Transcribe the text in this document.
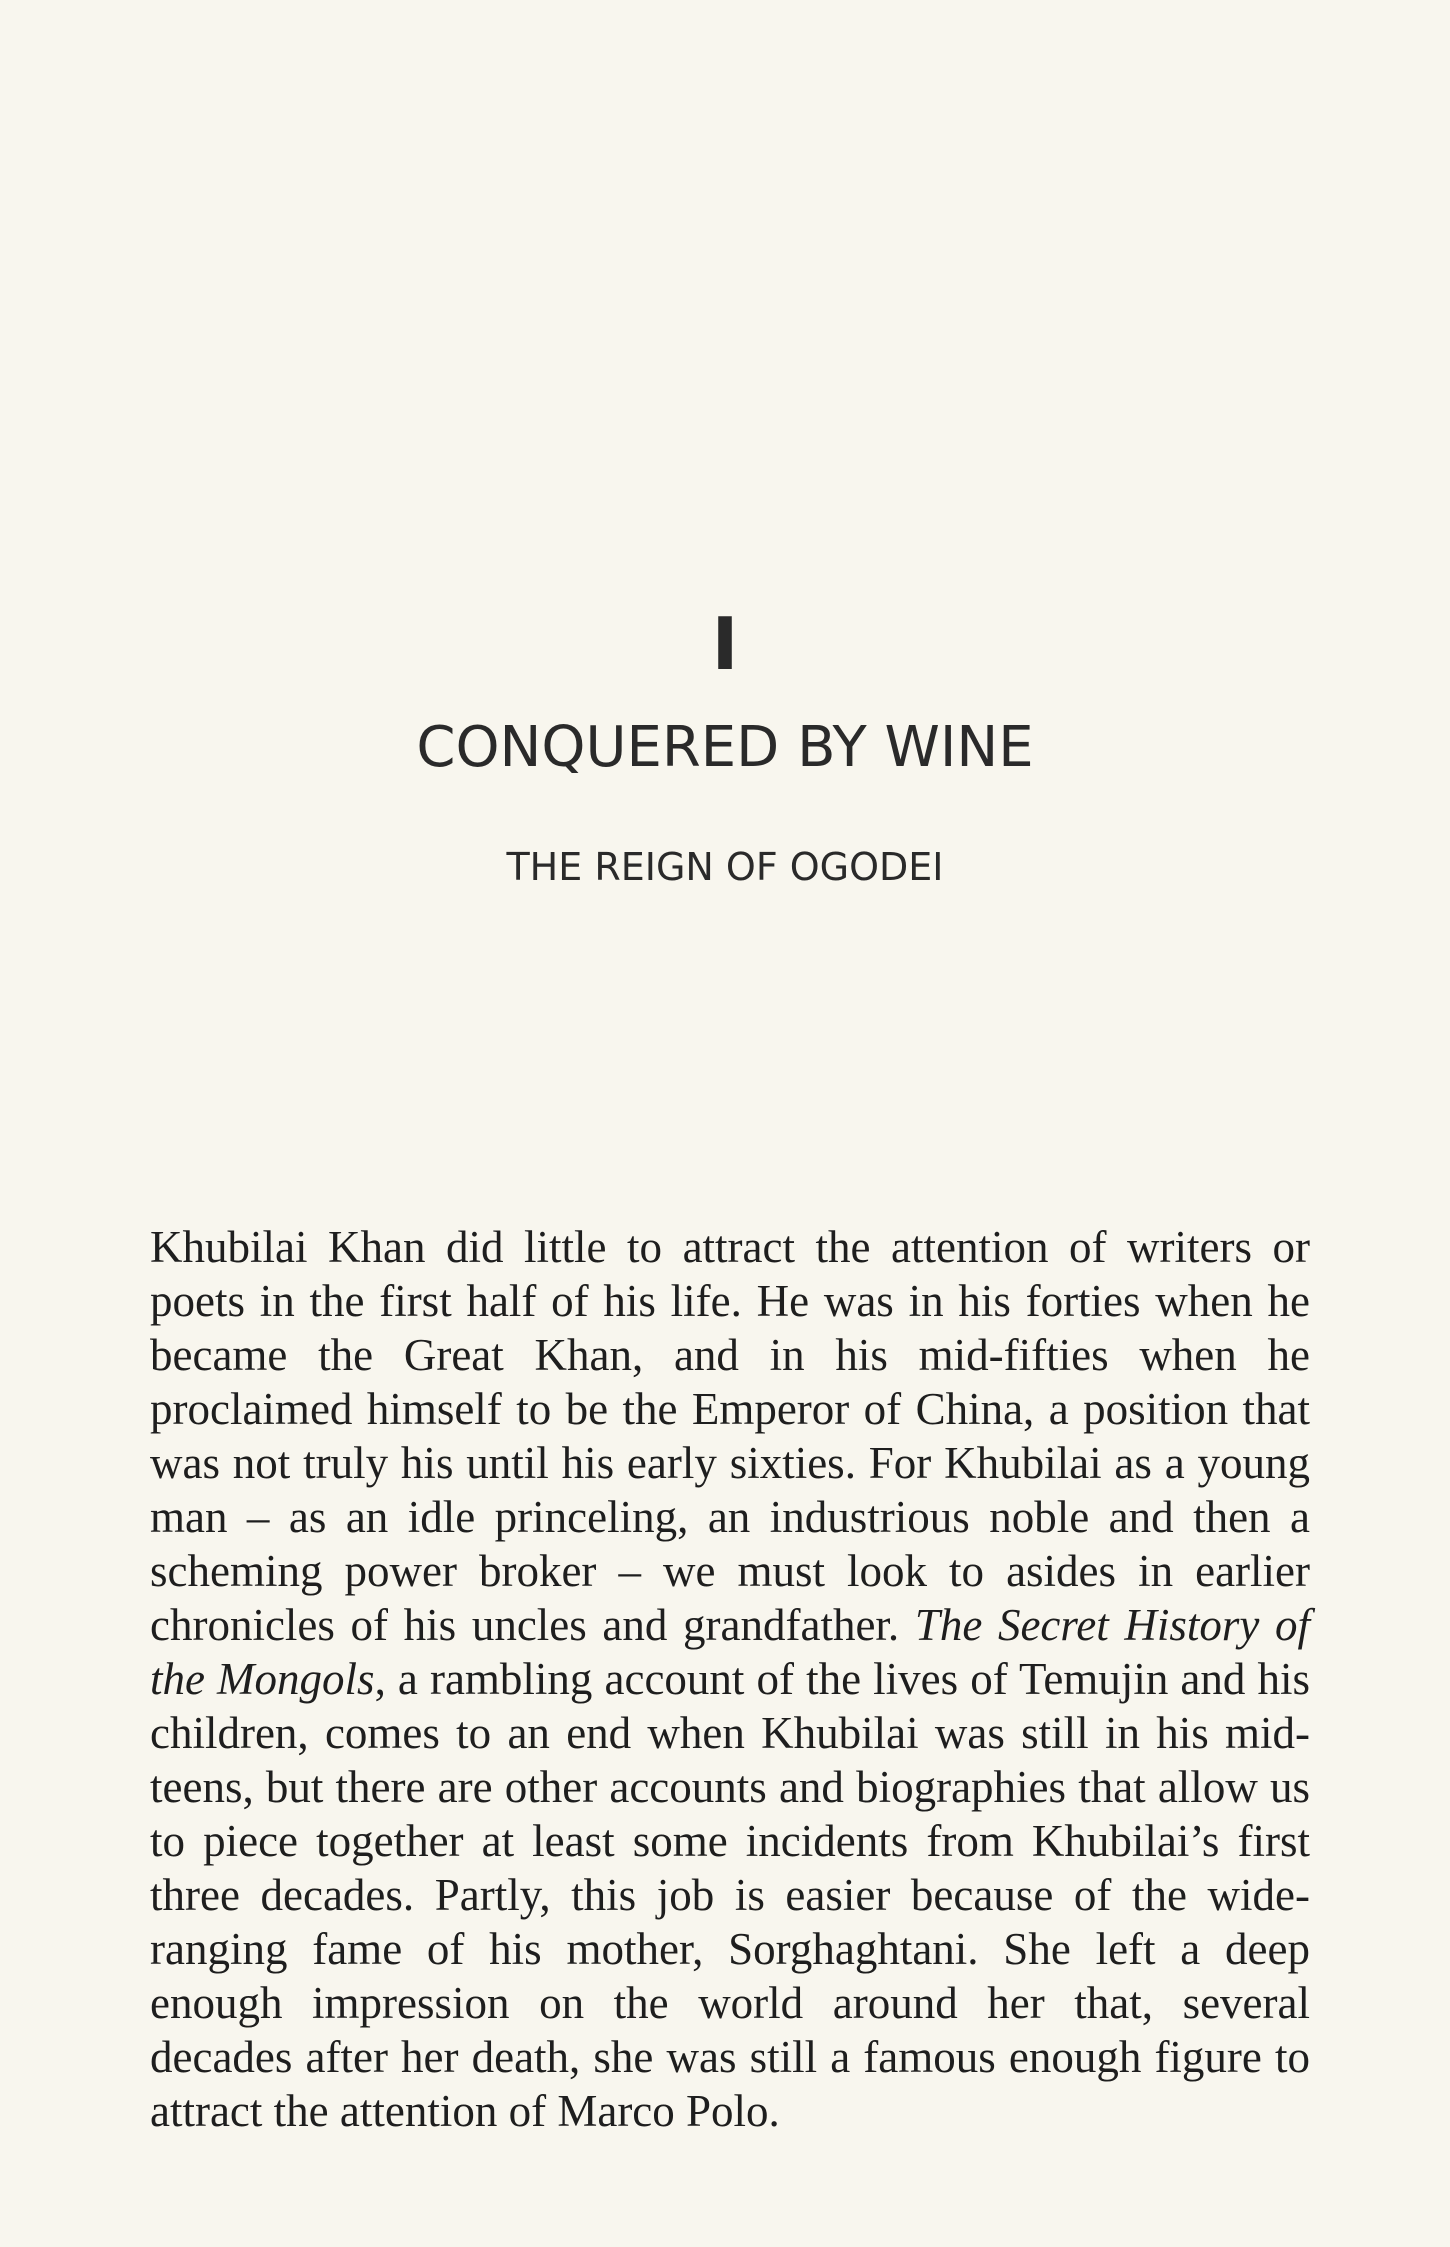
I
CONQUERED BY WINE
THE REIGN OF OGODEI

Khubilai Khan did little to attract the attention of writers or poets in the first half of his life. He was in his forties when he became the Great Khan, and in his mid-fifties when he proclaimed himself to be the Emperor of China, a position that was not truly his until his early sixties. For Khubilai as a young man – as an idle princeling, an industrious noble and then a scheming power broker – we must look to asides in earlier chronicles of his uncles and grandfather. The Secret History of the Mongols, a rambling account of the lives of Temujin and his children, comes to an end when Khubilai was still in his mid-teens, but there are other accounts and biographies that allow us to piece together at least some incidents from Khubilai’s first three decades. Partly, this job is easier because of the wide-ranging fame of his mother, Sorghaghtani. She left a deep enough impression on the world around her that, several decades after her death, she was still a famous enough figure to attract the attention of Marco Polo.
